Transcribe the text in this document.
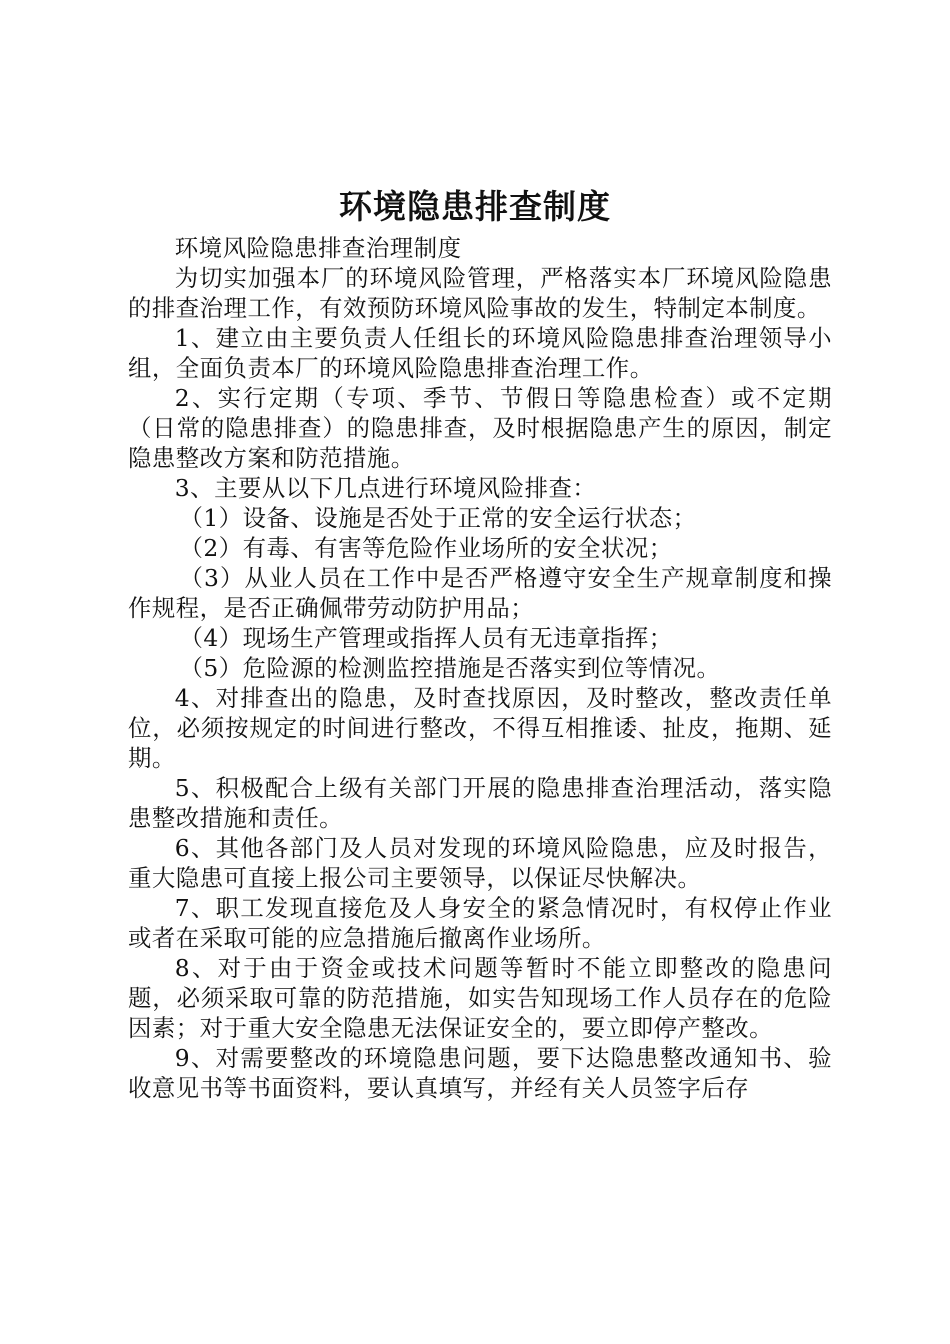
环境隐患排查制度

环境风险隐患排查治理制度

为切实加强本厂的环境风险管理，严格落实本厂环境风险隐患的排查治理工作，有效预防环境风险事故的发生，特制定本制度。

1、建立由主要负责人任组长的环境风险隐患排查治理领导小组，全面负责本厂的环境风险隐患排查治理工作。

2、实行定期（专项、季节、节假日等隐患检查）或不定期（日常的隐患排查）的隐患排查，及时根据隐患产生的原因，制定隐患整改方案和防范措施。

3、主要从以下几点进行环境风险排查：

（1）设备、设施是否处于正常的安全运行状态；

（2）有毒、有害等危险作业场所的安全状况；

（3）从业人员在工作中是否严格遵守安全生产规章制度和操作规程，是否正确佩带劳动防护用品；

（4）现场生产管理或指挥人员有无违章指挥；

（5）危险源的检测监控措施是否落实到位等情况。

4、对排查出的隐患，及时查找原因，及时整改，整改责任单位，必须按规定的时间进行整改，不得互相推诿、扯皮，拖期、延期。

5、积极配合上级有关部门开展的隐患排查治理活动，落实隐患整改措施和责任。

6、其他各部门及人员对发现的环境风险隐患，应及时报告，重大隐患可直接上报公司主要领导，以保证尽快解决。

7、职工发现直接危及人身安全的紧急情况时，有权停止作业或者在采取可能的应急措施后撤离作业场所。

8、对于由于资金或技术问题等暂时不能立即整改的隐患问题，必须采取可靠的防范措施，如实告知现场工作人员存在的危险因素；对于重大安全隐患无法保证安全的，要立即停产整改。

9、对需要整改的环境隐患问题，要下达隐患整改通知书、验收意见书等书面资料，要认真填写，并经有关人员签字后存
